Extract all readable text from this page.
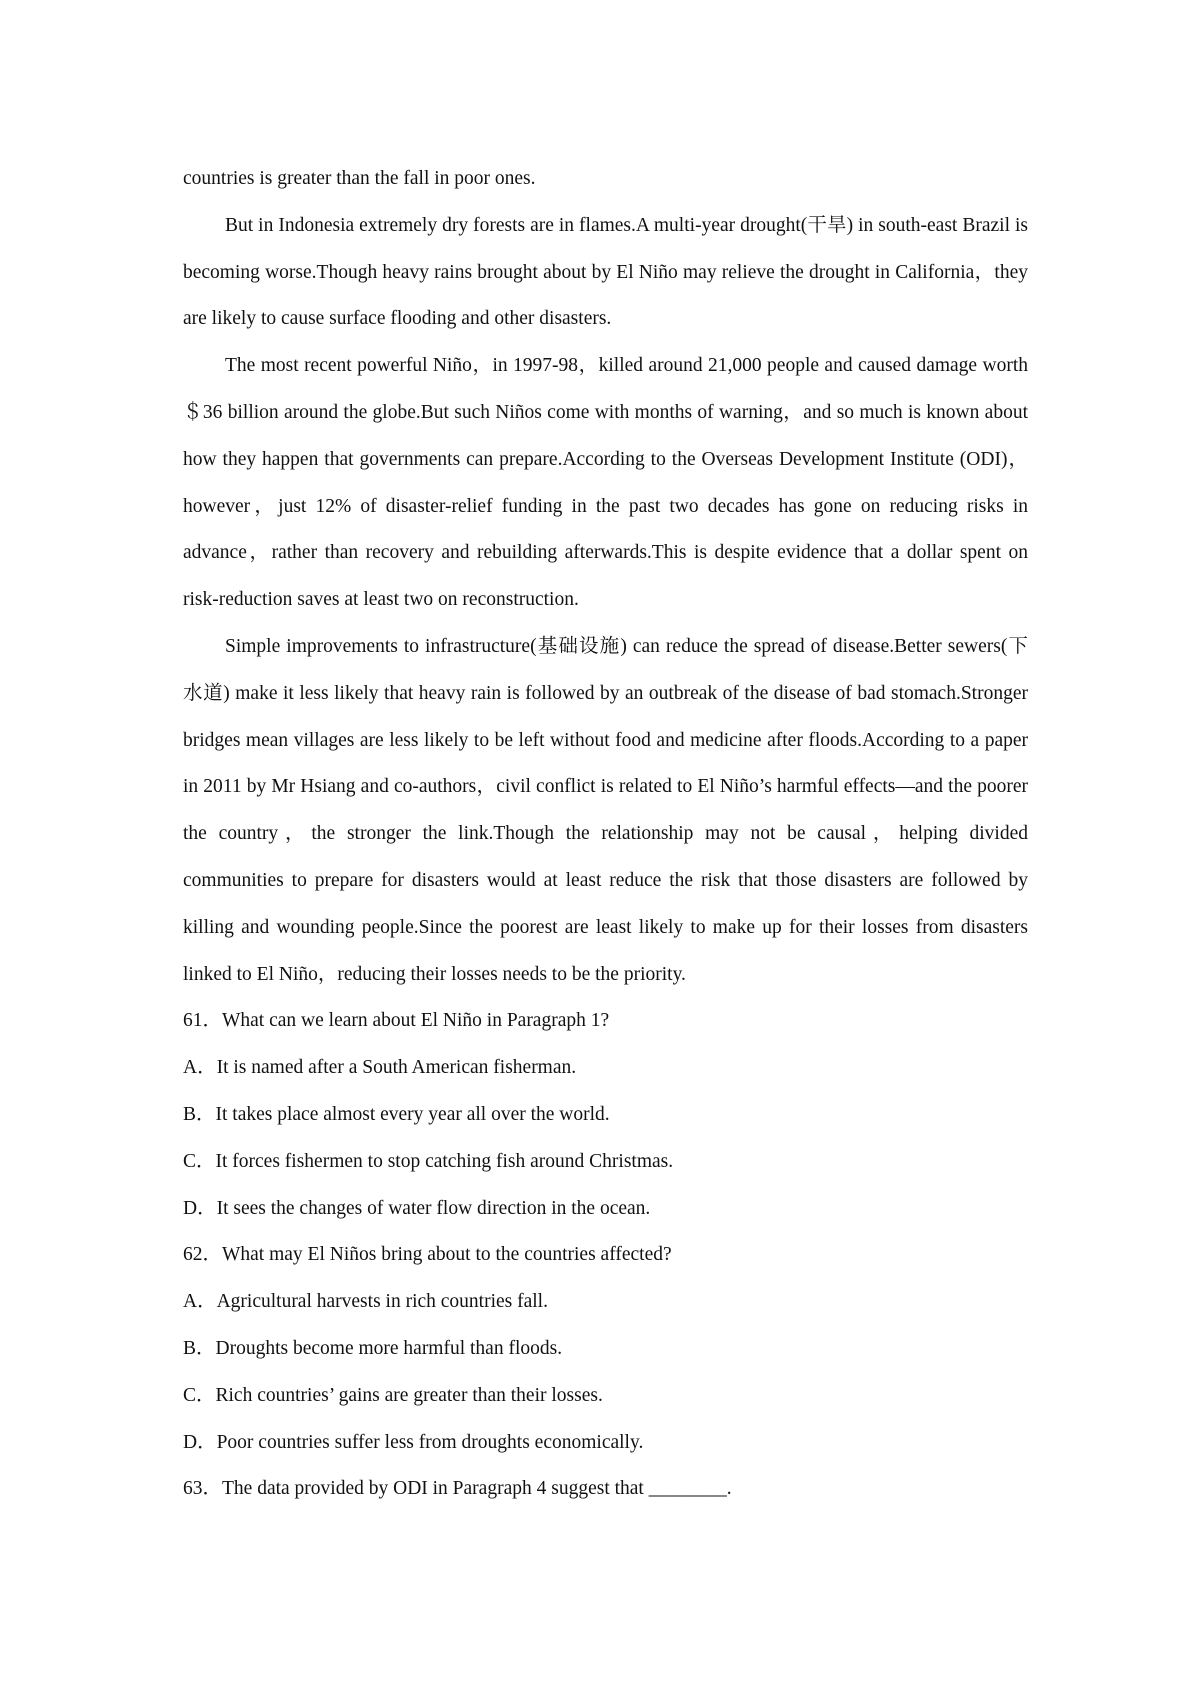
countries is greater than the fall in poor ones.

But in Indonesia extremely dry forests are in flames.A multi-year drought(干旱) in south-east Brazil is becoming worse.Though heavy rains brought about by El Niño may relieve the drought in California，they are likely to cause surface flooding and other disasters.

The most recent powerful Niño，in 1997-98，killed around 21,000 people and caused damage worth ＄36 billion around the globe.But such Niños come with months of warning，and so much is known about how they happen that governments can prepare.According to the Overseas Development Institute (ODI)，however，just 12% of disaster-relief funding in the past two decades has gone on reducing risks in advance，rather than recovery and rebuilding afterwards.This is despite evidence that a dollar spent on risk-reduction saves at least two on reconstruction.

Simple improvements to infrastructure(基础设施) can reduce the spread of disease.Better sewers(下水道) make it less likely that heavy rain is followed by an outbreak of the disease of bad stomach.Stronger bridges mean villages are less likely to be left without food and medicine after floods.According to a paper in 2011 by Mr Hsiang and co-authors，civil conflict is related to El Niño’s harmful effects—and the poorer the country，the stronger the link.Though the relationship may not be causal，helping divided communities to prepare for disasters would at least reduce the risk that those disasters are followed by killing and wounding people.Since the poorest are least likely to make up for their losses from disasters linked to El Niño，reducing their losses needs to be the priority.

61．What can we learn about El Niño in Paragraph 1?

A．It is named after a South American fisherman.

B．It takes place almost every year all over the world.

C．It forces fishermen to stop catching fish around Christmas.

D．It sees the changes of water flow direction in the ocean.

62．What may El Niños bring about to the countries affected?

A．Agricultural harvests in rich countries fall.

B．Droughts become more harmful than floods.

C．Rich countries’ gains are greater than their losses.

D．Poor countries suffer less from droughts economically.

63．The data provided by ODI in Paragraph 4 suggest that ________.
